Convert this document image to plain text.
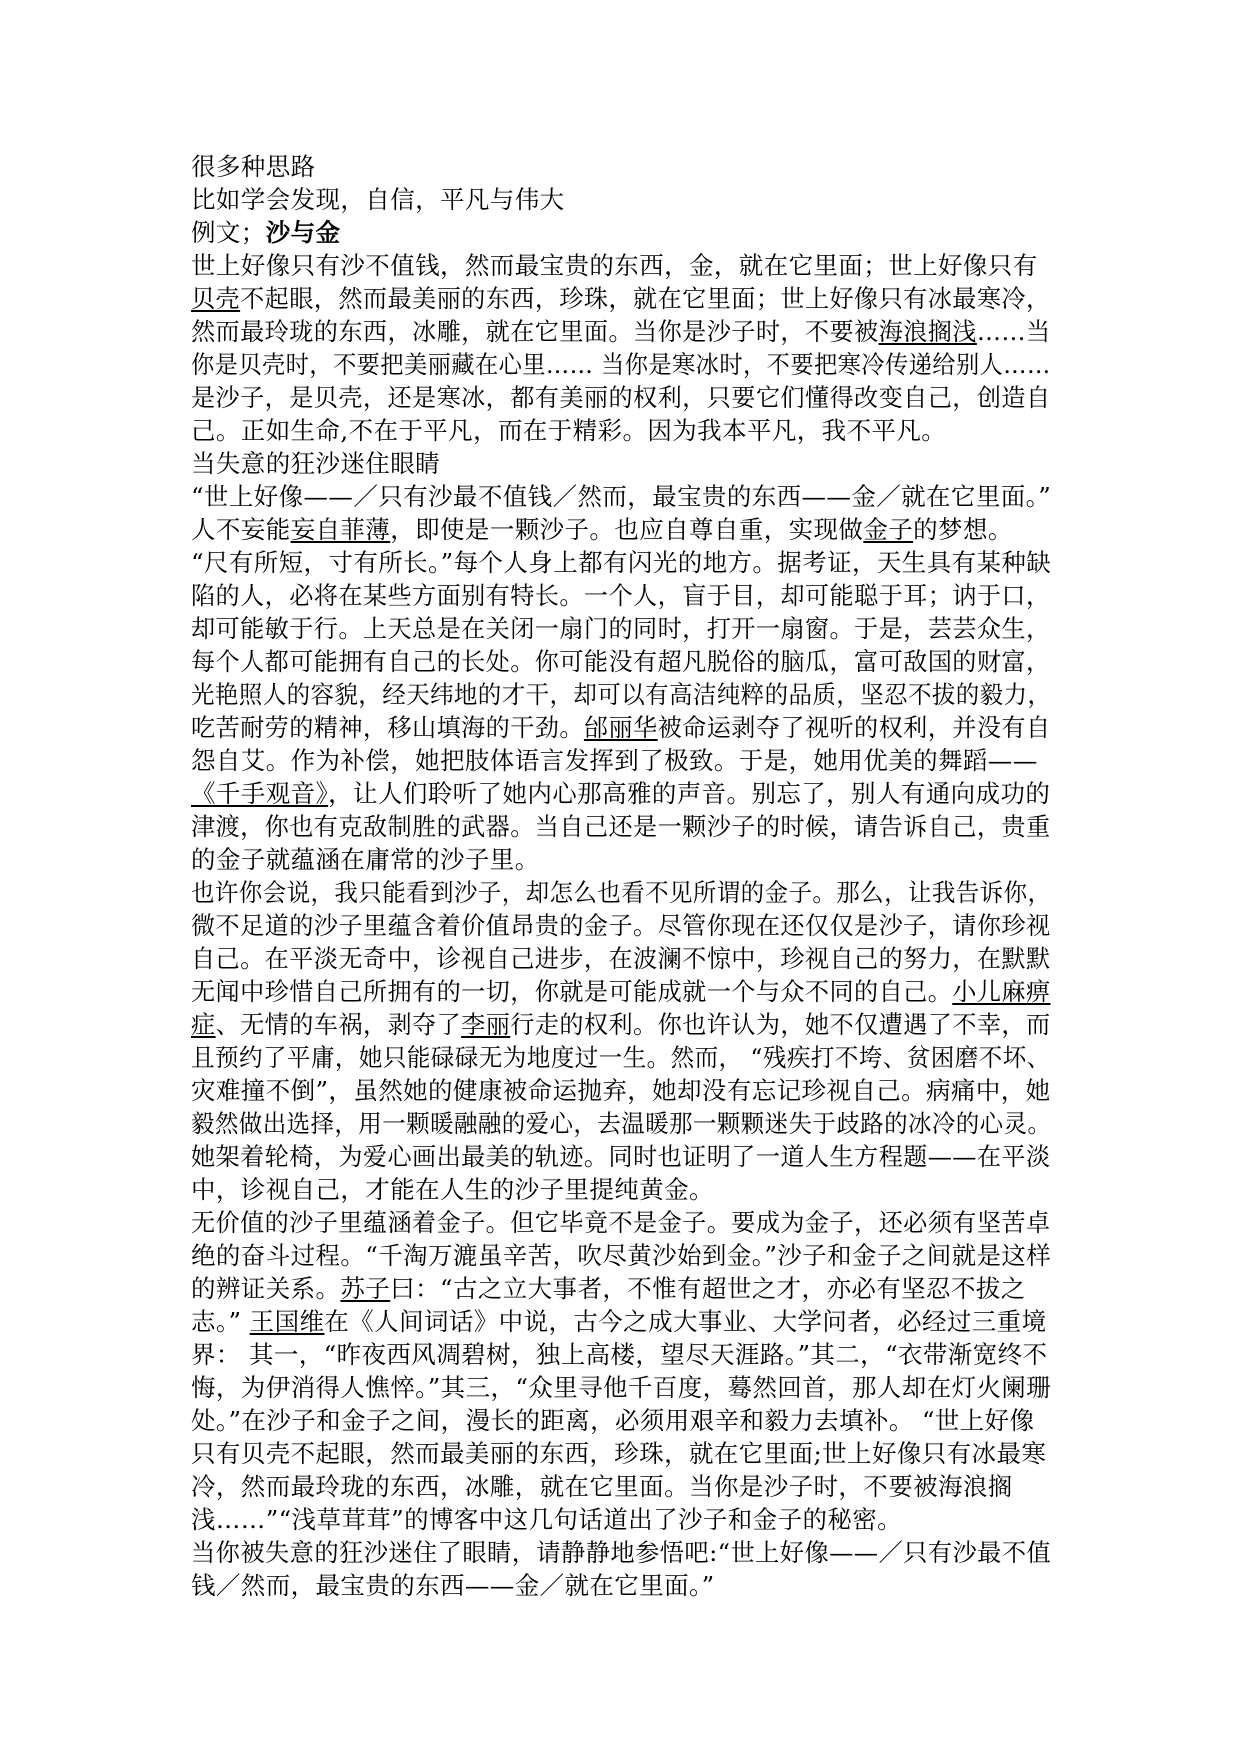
很多种思路
比如学会发现，自信，平凡与伟大
例文；沙与金
世上好像只有沙不值钱，然而最宝贵的东西，金，就在它里面；世上好像只有
贝壳不起眼，然而最美丽的东西，珍珠，就在它里面；世上好像只有冰最寒冷，
然而最玲珑的东西，冰雕，就在它里面。当你是沙子时，不要被海浪搁浅……当
你是贝壳时，不要把美丽藏在心里…… 当你是寒冰时，不要把寒冷传递给别人……
是沙子，是贝壳，还是寒冰，都有美丽的权利，只要它们懂得改变自己，创造自
己。正如生命,不在于平凡，而在于精彩。因为我本平凡，我不平凡。
当失意的狂沙迷住眼睛
“世上好像——／只有沙最不值钱／然而，最宝贵的东西——金／就在它里面。”
人不妄能妄自菲薄，即使是一颗沙子。也应自尊自重，实现做金子的梦想。
“尺有所短，寸有所长。”每个人身上都有闪光的地方。据考证，天生具有某种缺
陷的人，必将在某些方面别有特长。一个人，盲于目，却可能聪于耳；讷于口，
却可能敏于行。上天总是在关闭一扇门的同时，打开一扇窗。于是，芸芸众生，
每个人都可能拥有自己的长处。你可能没有超凡脱俗的脑瓜，富可敌国的财富，
光艳照人的容貌，经天纬地的才干，却可以有高洁纯粹的品质，坚忍不拔的毅力，
吃苦耐劳的精神，移山填海的干劲。邰丽华被命运剥夺了视听的权利，并没有自
怨自艾。作为补偿，她把肢体语言发挥到了极致。于是，她用优美的舞蹈——
《千手观音》，让人们聆听了她内心那高雅的声音。别忘了，别人有通向成功的
津渡，你也有克敌制胜的武器。当自己还是一颗沙子的时候，请告诉自己，贵重
的金子就蕴涵在庸常的沙子里。
也许你会说，我只能看到沙子，却怎么也看不见所谓的金子。那么，让我告诉你，
微不足道的沙子里蕴含着价值昂贵的金子。尽管你现在还仅仅是沙子，请你珍视
自己。在平淡无奇中，诊视自己进步，在波澜不惊中，珍视自己的努力，在默默
无闻中珍惜自己所拥有的一切，你就是可能成就一个与众不同的自己。小儿麻痹
症、无情的车祸，剥夺了李丽行走的权利。你也许认为，她不仅遭遇了不幸，而
且预约了平庸，她只能碌碌无为地度过一生。然而， “残疾打不垮、贫困磨不坏、
灾难撞不倒”，虽然她的健康被命运抛弃，她却没有忘记珍视自己。病痛中，她
毅然做出选择，用一颗暖融融的爱心，去温暖那一颗颗迷失于歧路的冰冷的心灵。
她架着轮椅，为爱心画出最美的轨迹。同时也证明了一道人生方程题——在平淡
中，诊视自己，才能在人生的沙子里提纯黄金。
无价值的沙子里蕴涵着金子。但它毕竟不是金子。要成为金子，还必须有坚苦卓
绝的奋斗过程。“千淘万漉虽辛苦，吹尽黄沙始到金。”沙子和金子之间就是这样
的辨证关系。苏子曰：“古之立大事者，不惟有超世之才，亦必有坚忍不拔之
志。” 王国维在《人间词话》中说，古今之成大事业、大学问者，必经过三重境
界： 其一，“昨夜西风凋碧树，独上高楼，望尽天涯路。”其二，“衣带渐宽终不
悔，为伊消得人憔悴。”其三，“众里寻他千百度，蓦然回首，那人却在灯火阑珊
处。”在沙子和金子之间，漫长的距离，必须用艰辛和毅力去填补。 “世上好像
只有贝壳不起眼，然而最美丽的东西，珍珠，就在它里面;世上好像只有冰最寒
冷，然而最玲珑的东西，冰雕，就在它里面。当你是沙子时，不要被海浪搁
浅……”“浅草茸茸”的博客中这几句话道出了沙子和金子的秘密。
当你被失意的狂沙迷住了眼睛，请静静地参悟吧:“世上好像——／只有沙最不值
钱／然而，最宝贵的东西——金／就在它里面。”
